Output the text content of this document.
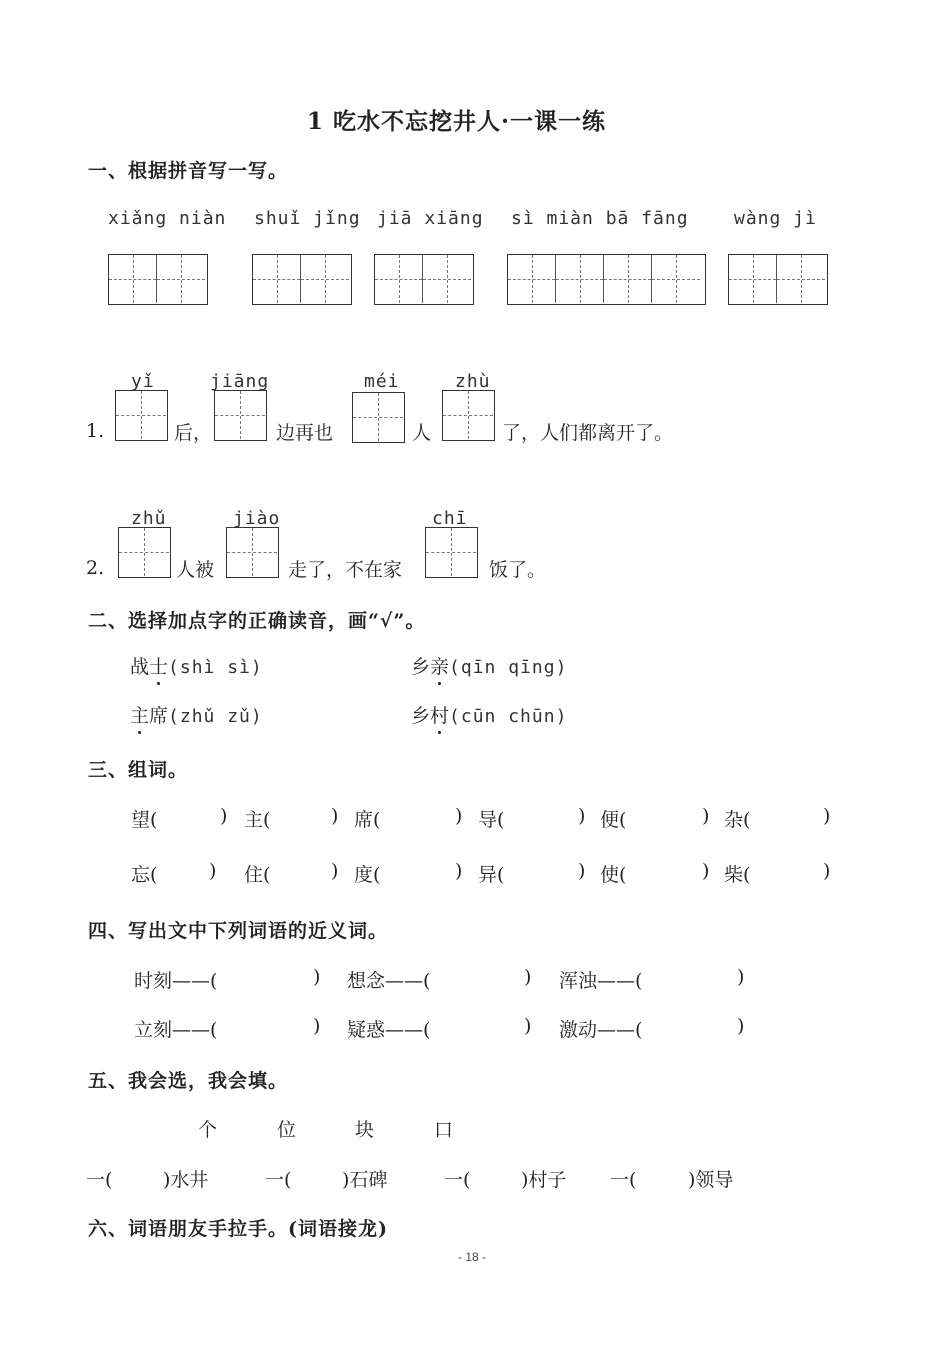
1 吃水不忘挖井人·一课一练
一、根据拼音写一写。
xiǎng niàn shuǐ jǐng jiā xiāng sì miàn bā fāng	wàng jì
1.
yǐ
后，
jiāng
边再也
méi
人
zhù
了，人们都离开了。
2.
zhǔ
人被
jiào
走了，不在家
chī
饭了。
二、选择加点字的正确读音，画“√”。
战士(shì sì)	乡亲(qīn qīng)
主席(zhǔ zǔ)	乡村(cūn chūn)
三、组词。
望(	) 主(	) 席(	) 导(	) 便(	) 杂(	)
忘(	) 住(	) 度(	) 异(	) 使(	) 柴(	)
四、写出文中下列词语的近义词。
时刻——(	) 想念——(	) 浑浊——(	)
立刻——(	) 疑惑——(	) 激动——(	)
五、我会选，我会填。
个	位	块	口
一(	)水井	一(	)石碑	一(	)村子 一(	)领导
六、词语朋友手拉手。(词语接龙)
- 18 -
